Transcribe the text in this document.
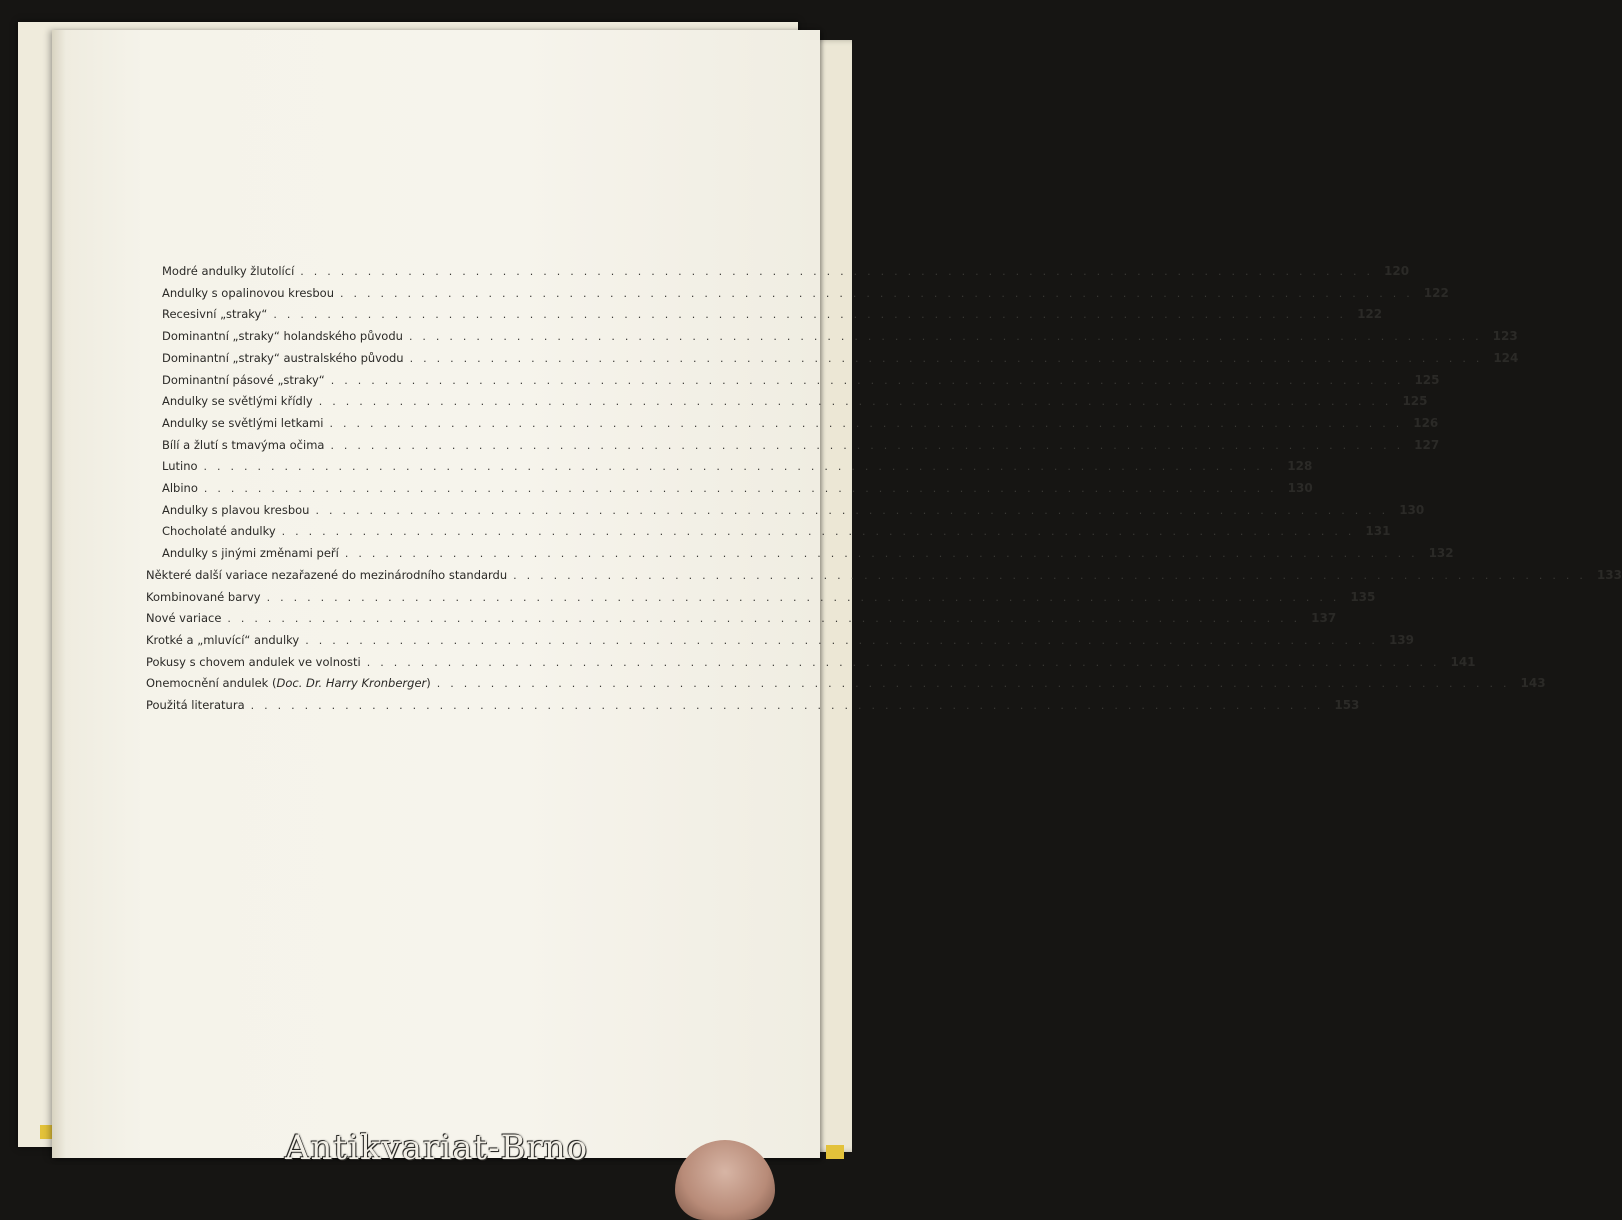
Modré andulky žlutolící ................................................................................ 120
Andulky s opalinovou kresbou ................................................................................ 122
Recesivní „straky“ ................................................................................ 122
Dominantní „straky“ holandského původu ................................................................................ 123
Dominantní „straky“ australského původu ................................................................................ 124
Dominantní pásové „straky“ ................................................................................ 125
Andulky se světlými křídly ................................................................................ 125
Andulky se světlými letkami ................................................................................ 126
Bílí a žlutí s tmavýma očima ................................................................................ 127
Lutino ................................................................................ 128
Albino ................................................................................ 130
Andulky s plavou kresbou ................................................................................ 130
Chocholaté andulky ................................................................................ 131
Andulky s jinými změnami peří ................................................................................ 132
Některé další variace nezařazené do mezinárodního standardu ................................................................................ 133
Kombinované barvy ................................................................................ 135
Nové variace ................................................................................ 137
Krotké a „mluvící“ andulky ................................................................................ 139
Pokusy s chovem andulek ve volnosti ................................................................................ 141
Onemocnění andulek (Doc. Dr. Harry Kronberger) ................................................................................ 143
Použitá literatura ................................................................................ 153
Antikvariat-Brno
